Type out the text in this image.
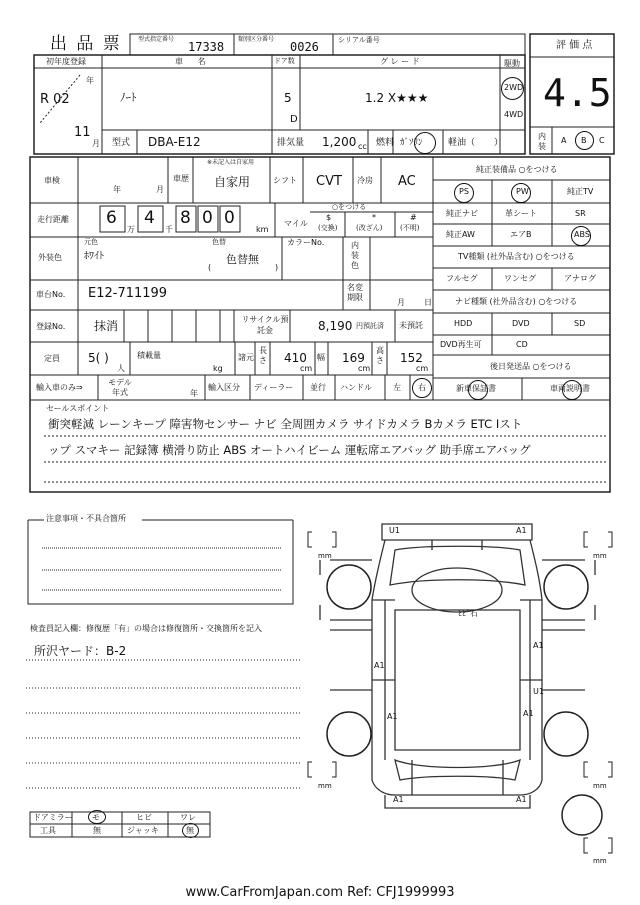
出 品 票	型式指定番号
17338
類別区分番号
0026	シリアル番号	評 価 点
4.5
初年度登録
年
R 02
11
月
車 名
ﾉｰﾄ
ドア数
5
D
グ レ ー ド
1.2 X★★★
駆動
2WD
4WD
型式 DBA-E12	排気量 1,200 cc 燃料 ｶﾞｿﾘﾝ	軽油（ ）
内装
A B C
車検
年	月
※未記入は自家用
車歴 自家用	シフト CVT 冷房 AC
走行距離 6
万
4
千
8 0 0
km
マイル
○をつける
$	*	#
(交換)	(改ざん)	(不明)
外装色
元色
ﾎﾜｲﾄ
色替
(
色替無
)
カラーNo.	内装色
車台No. E12-711199	名変期限
月 日
登録No. 抹消	リサイクル預託金	8,190 円預託済 未預託
定員 5( )
人
積載量
kg
諸元
長さ 410
cm
幅 169
cm
高さ 152
cm
輸入車のみ⇒
モデル年式	年
輸入区分 ディーラー 並行 ハンドル	左 右
純正装備品 ○をつける
PS	PW	純正TV
純正ナビ	革シート	SR
純正AW	エアB	ABS
TV種類 (社外品含む) ○をつける
フルセグ	ワンセグ	アナログ
ナビ種類 (社外品含む) ○をつける
HDD	DVD	SD
DVD再生可	CD
後日発送品 ○をつける
新車保証書	車両説明書
セールスポイント
衝突軽減 レーンキープ 障害物センサー ナビ 全周囲カメラ サイドカメラ Bカメラ ETC Iスト
ップ スマキー 記録簿 横滑り防止 ABS オートハイビーム 運転席エアバッグ 助手席エアバッグ
注意事項・不具合箇所
検査員記入欄：修復歴「有」の場合は修復箇所・交換箇所を記入
所沢ヤード：B-2
ドアミラー モ	ヒビ	ワレ
工具	無	ジャッキ	無
U1	A1
ﾋﾋﾞ石
A1
A1
U1
A1	A1
A1	A1
mm	mm
mm	mm
mm
www.CarFromJapan.com Ref: CFJ1999993
